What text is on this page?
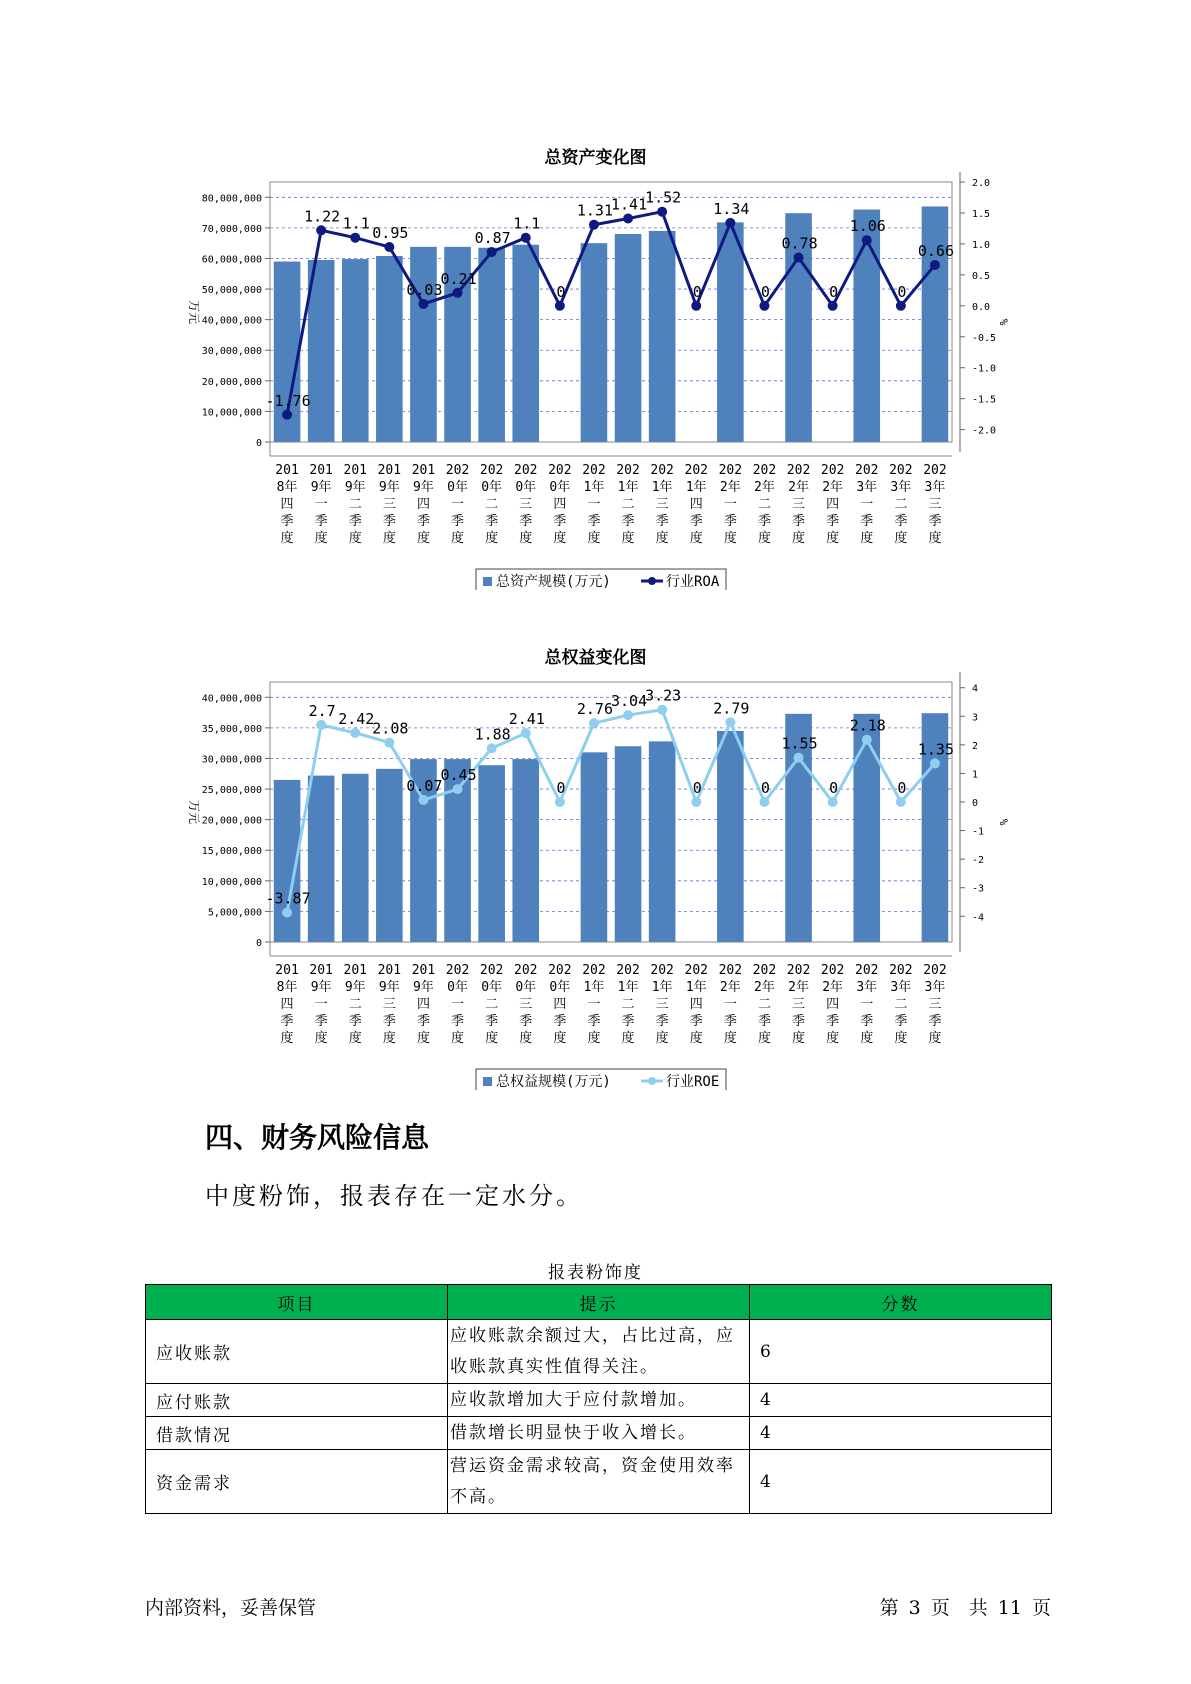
总资产变化图
0
10,000,000
20,000,000
30,000,000
40,000,000
50,000,000
60,000,000
70,000,000
80,000,000
万元
2.0
1.5
1.0
0.5
0.0
-0.5
-1.0
-1.5
-2.0
%
-1.76
1.22 1.1
0.95
0.03
0.21
0.87
1.1
0
1.31
1.41
1.52
0
1.34
0
0.78
0
1.06
0
0.66
201
8年
四
季
度
201
9年
一
季
度
201
9年
二
季
度
201
9年
三
季
度
201
9年
四
季
度
202
0年
一
季
度
202
0年
二
季
度
202
0年
三
季
度
202
0年
四
季
度
202
1年
一
季
度
202
1年
二
季
度
202
1年
三
季
度
202
1年
四
季
度
202
2年
一
季
度
202
2年
二
季
度
202
2年
三
季
度
202
2年
四
季
度
202
3年
一
季
度
202
3年
二
季
度
202
3年
三
季
度
总资产规模(万元)	行业ROA
总权益变化图
0
5,000,000
10,000,000
15,000,000
20,000,000
25,000,000
30,000,000
35,000,000
40,000,000
万元
4
3
2
1
0
-1
-2
-3
-4
%
-3.87
2.7 2.42
2.08
0.07
0.45
1.88
2.41
0
2.76
3.04
3.23
0
2.79
0
1.55
0
2.18
0
1.35
201
8年
四
季
度
201
9年
一
季
度
201
9年
二
季
度
201
9年
三
季
度
201
9年
四
季
度
202
0年
一
季
度
202
0年
二
季
度
202
0年
三
季
度
202
0年
四
季
度
202
1年
一
季
度
202
1年
二
季
度
202
1年
三
季
度
202
1年
四
季
度
202
2年
一
季
度
202
2年
二
季
度
202
2年
三
季
度
202
2年
四
季
度
202
3年
一
季
度
202
3年
二
季
度
202
3年
三
季
度
总权益规模(万元)	行业ROE
四、财务风险信息
中度粉饰，报表存在一定水分。
报表粉饰度
项目	提示	分数
应收账款	应收账款余额过大，占比过高，应收账款真实性值得关注。	6
应付账款	应收款增加大于应付款增加。	4
借款情况	借款增长明显快于收入增长。	4
资金需求	营运资金需求较高，资金使用效率不高。	4
内部资料，妥善保管	第 3 页　共 11 页
